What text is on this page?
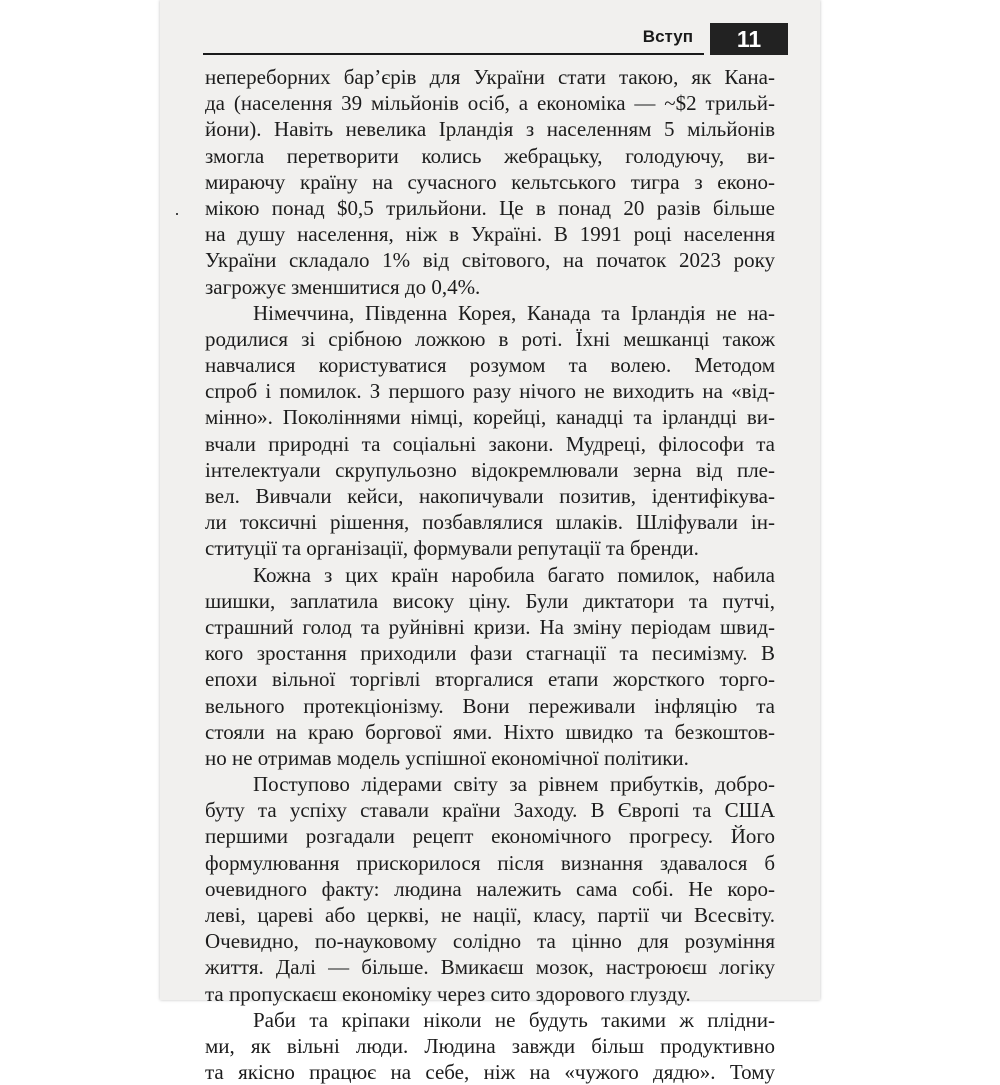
Вступ	11
непереборних бар’єрів для України стати такою, як Кана-
да (населення 39 мільйонів осіб, а економіка — ~$2 трильй-
йони). Навіть невелика Ірландія з населенням 5 мільйонів
змогла перетворити колись жебрацьку, голодуючу, ви-
мираючу країну на сучасного кельтського тигра з еконо-
мікою понад $0,5 трильйони. Це в понад 20 разів більше
на душу населення, ніж в Україні. В 1991 році населення
України складало 1% від світового, на початок 2023 року
загрожує зменшитися до 0,4%.
Німеччина, Південна Корея, Канада та Ірландія не на-
родилися зі срібною ложкою в роті. Їхні мешканці також
навчалися користуватися розумом та волею. Методом
спроб і помилок. З першого разу нічого не виходить на «від-
мінно». Поколіннями німці, корейці, канадці та ірландці ви-
вчали природні та соціальні закони. Мудреці, філософи та
інтелектуали скрупульозно відокремлювали зерна від пле-
вел. Вивчали кейси, накопичували позитив, ідентифікува-
ли токсичні рішення, позбавлялися шлаків. Шліфували ін-
ституції та організації, формували репутації та бренди.
Кожна з цих країн наробила багато помилок, набила
шишки, заплатила високу ціну. Були диктатори та путчі,
страшний голод та руйнівні кризи. На зміну періодам швид-
кого зростання приходили фази стагнації та песимізму. В
епохи вільної торгівлі вторгалися етапи жорсткого торго-
вельного протекціонізму. Вони переживали інфляцію та
стояли на краю боргової ями. Ніхто швидко та безкоштов-
но не отримав модель успішної економічної політики.
Поступово лідерами світу за рівнем прибутків, добро-
буту та успіху ставали країни Заходу. В Європі та США
першими розгадали рецепт економічного прогресу. Його
формулювання прискорилося після визнання здавалося б
очевидного факту: людина належить сама собі. Не коро-
леві, цареві або церкві, не нації, класу, партії чи Всесвіту.
Очевидно, по-науковому солідно та цінно для розуміння
життя. Далі — більше. Вмикаєш мозок, настроюєш логіку
та пропускаєш економіку через сито здорового глузду.
Раби та кріпаки ніколи не будуть такими ж плідни-
ми, як вільні люди. Людина завжди більш продуктивно
та якісно працює на себе, ніж на «чужого дядю». Тому
